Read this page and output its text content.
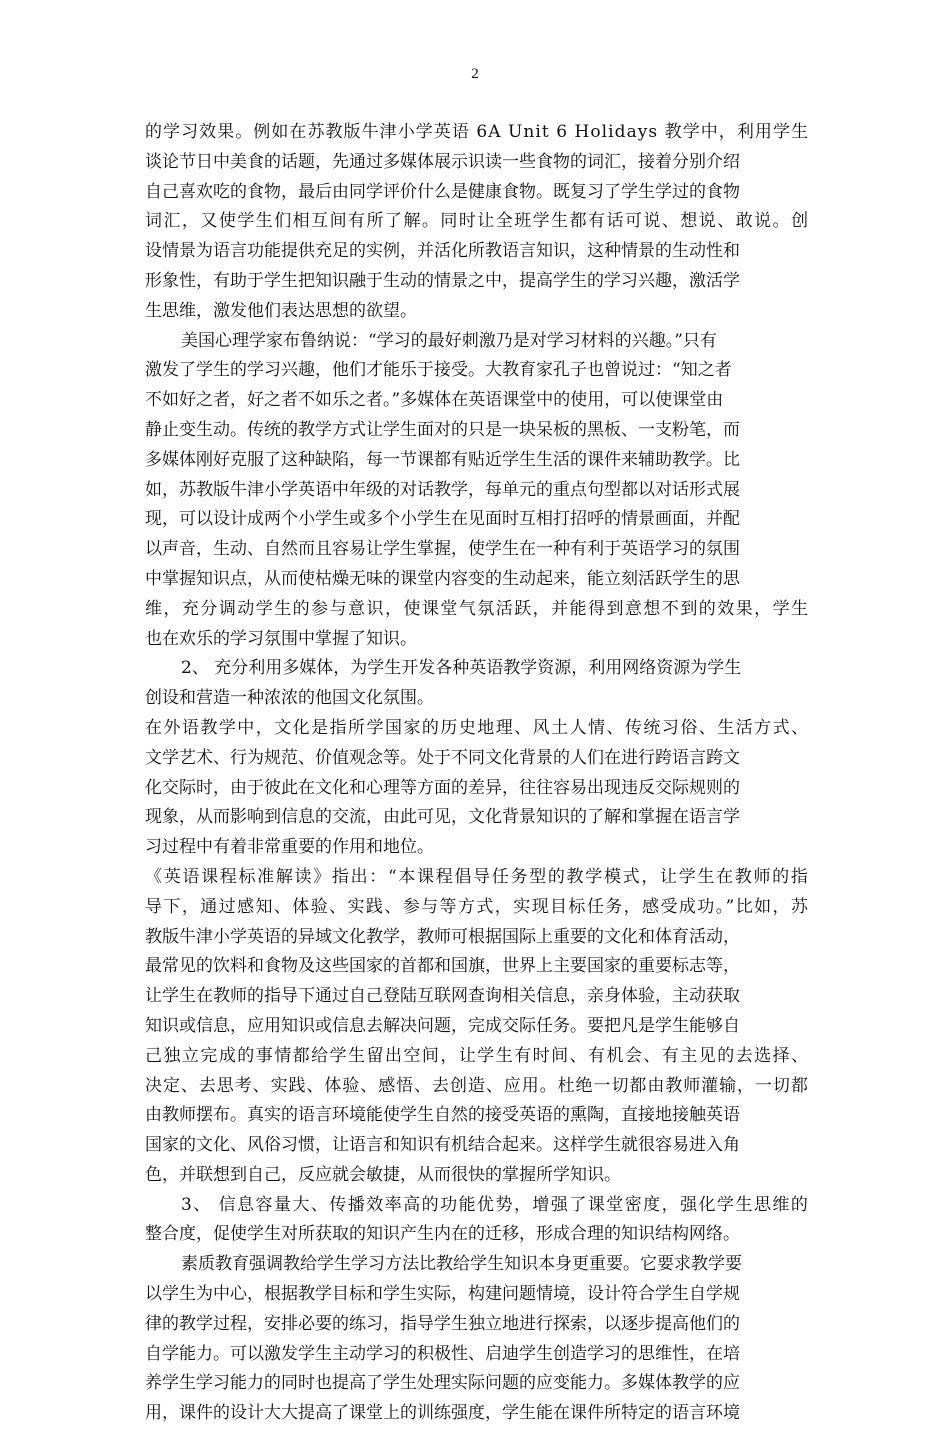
2
的学习效果。例如在苏教版牛津小学英语 6A Unit 6 Holidays 教学中，利用学生
谈论节日中美食的话题，先通过多媒体展示识读一些食物的词汇，接着分别介绍
自己喜欢吃的食物，最后由同学评价什么是健康食物。既复习了学生学过的食物
词汇，又使学生们相互间有所了解。同时让全班学生都有话可说、想说、敢说。创
设情景为语言功能提供充足的实例，并活化所教语言知识，这种情景的生动性和
形象性，有助于学生把知识融于生动的情景之中，提高学生的学习兴趣，激活学
生思维，激发他们表达思想的欲望。
美国心理学家布鲁纳说：“学习的最好刺激乃是对学习材料的兴趣。”只有
激发了学生的学习兴趣，他们才能乐于接受。大教育家孔子也曾说过：“知之者
不如好之者，好之者不如乐之者。”多媒体在英语课堂中的使用，可以使课堂由
静止变生动。传统的教学方式让学生面对的只是一块呆板的黑板、一支粉笔，而
多媒体刚好克服了这种缺陷，每一节课都有贴近学生生活的课件来辅助教学。比
如，苏教版牛津小学英语中年级的对话教学，每单元的重点句型都以对话形式展
现，可以设计成两个小学生或多个小学生在见面时互相打招呼的情景画面，并配
以声音，生动、自然而且容易让学生掌握，使学生在一种有利于英语学习的氛围
中掌握知识点，从而使枯燥无味的课堂内容变的生动起来，能立刻活跃学生的思
维，充分调动学生的参与意识，使课堂气氛活跃，并能得到意想不到的效果，学生
也在欢乐的学习氛围中掌握了知识。
2、 充分利用多媒体，为学生开发各种英语教学资源，利用网络资源为学生
创设和营造一种浓浓的他国文化氛围。
在外语教学中，文化是指所学国家的历史地理、风土人情、传统习俗、生活方式、
文学艺术、行为规范、价值观念等。处于不同文化背景的人们在进行跨语言跨文
化交际时，由于彼此在文化和心理等方面的差异，往往容易出现违反交际规则的
现象，从而影响到信息的交流，由此可见，文化背景知识的了解和掌握在语言学
习过程中有着非常重要的作用和地位。
《英语课程标准解读》指出：“本课程倡导任务型的教学模式，让学生在教师的指
导下，通过感知、体验、实践、参与等方式，实现目标任务，感受成功。”比如，苏
教版牛津小学英语的异域文化教学，教师可根据国际上重要的文化和体育活动，
最常见的饮料和食物及这些国家的首都和国旗，世界上主要国家的重要标志等，
让学生在教师的指导下通过自己登陆互联网查询相关信息，亲身体验，主动获取
知识或信息，应用知识或信息去解决问题，完成交际任务。要把凡是学生能够自
己独立完成的事情都给学生留出空间，让学生有时间、有机会、有主见的去选择、
决定、去思考、实践、体验、感悟、去创造、应用。杜绝一切都由教师灌输，一切都
由教师摆布。真实的语言环境能使学生自然的接受英语的熏陶，直接地接触英语
国家的文化、风俗习惯，让语言和知识有机结合起来。这样学生就很容易进入角
色，并联想到自己，反应就会敏捷，从而很快的掌握所学知识。
3、 信息容量大、传播效率高的功能优势，增强了课堂密度，强化学生思维的
整合度，促使学生对所获取的知识产生内在的迁移，形成合理的知识结构网络。
素质教育强调教给学生学习方法比教给学生知识本身更重要。它要求教学要
以学生为中心，根据教学目标和学生实际，构建问题情境，设计符合学生自学规
律的教学过程，安排必要的练习，指导学生独立地进行探索，以逐步提高他们的
自学能力。可以激发学生主动学习的积极性、启迪学生创造学习的思维性，在培
养学生学习能力的同时也提高了学生处理实际问题的应变能力。多媒体教学的应
用，课件的设计大大提高了课堂上的训练强度，学生能在课件所特定的语言环境
